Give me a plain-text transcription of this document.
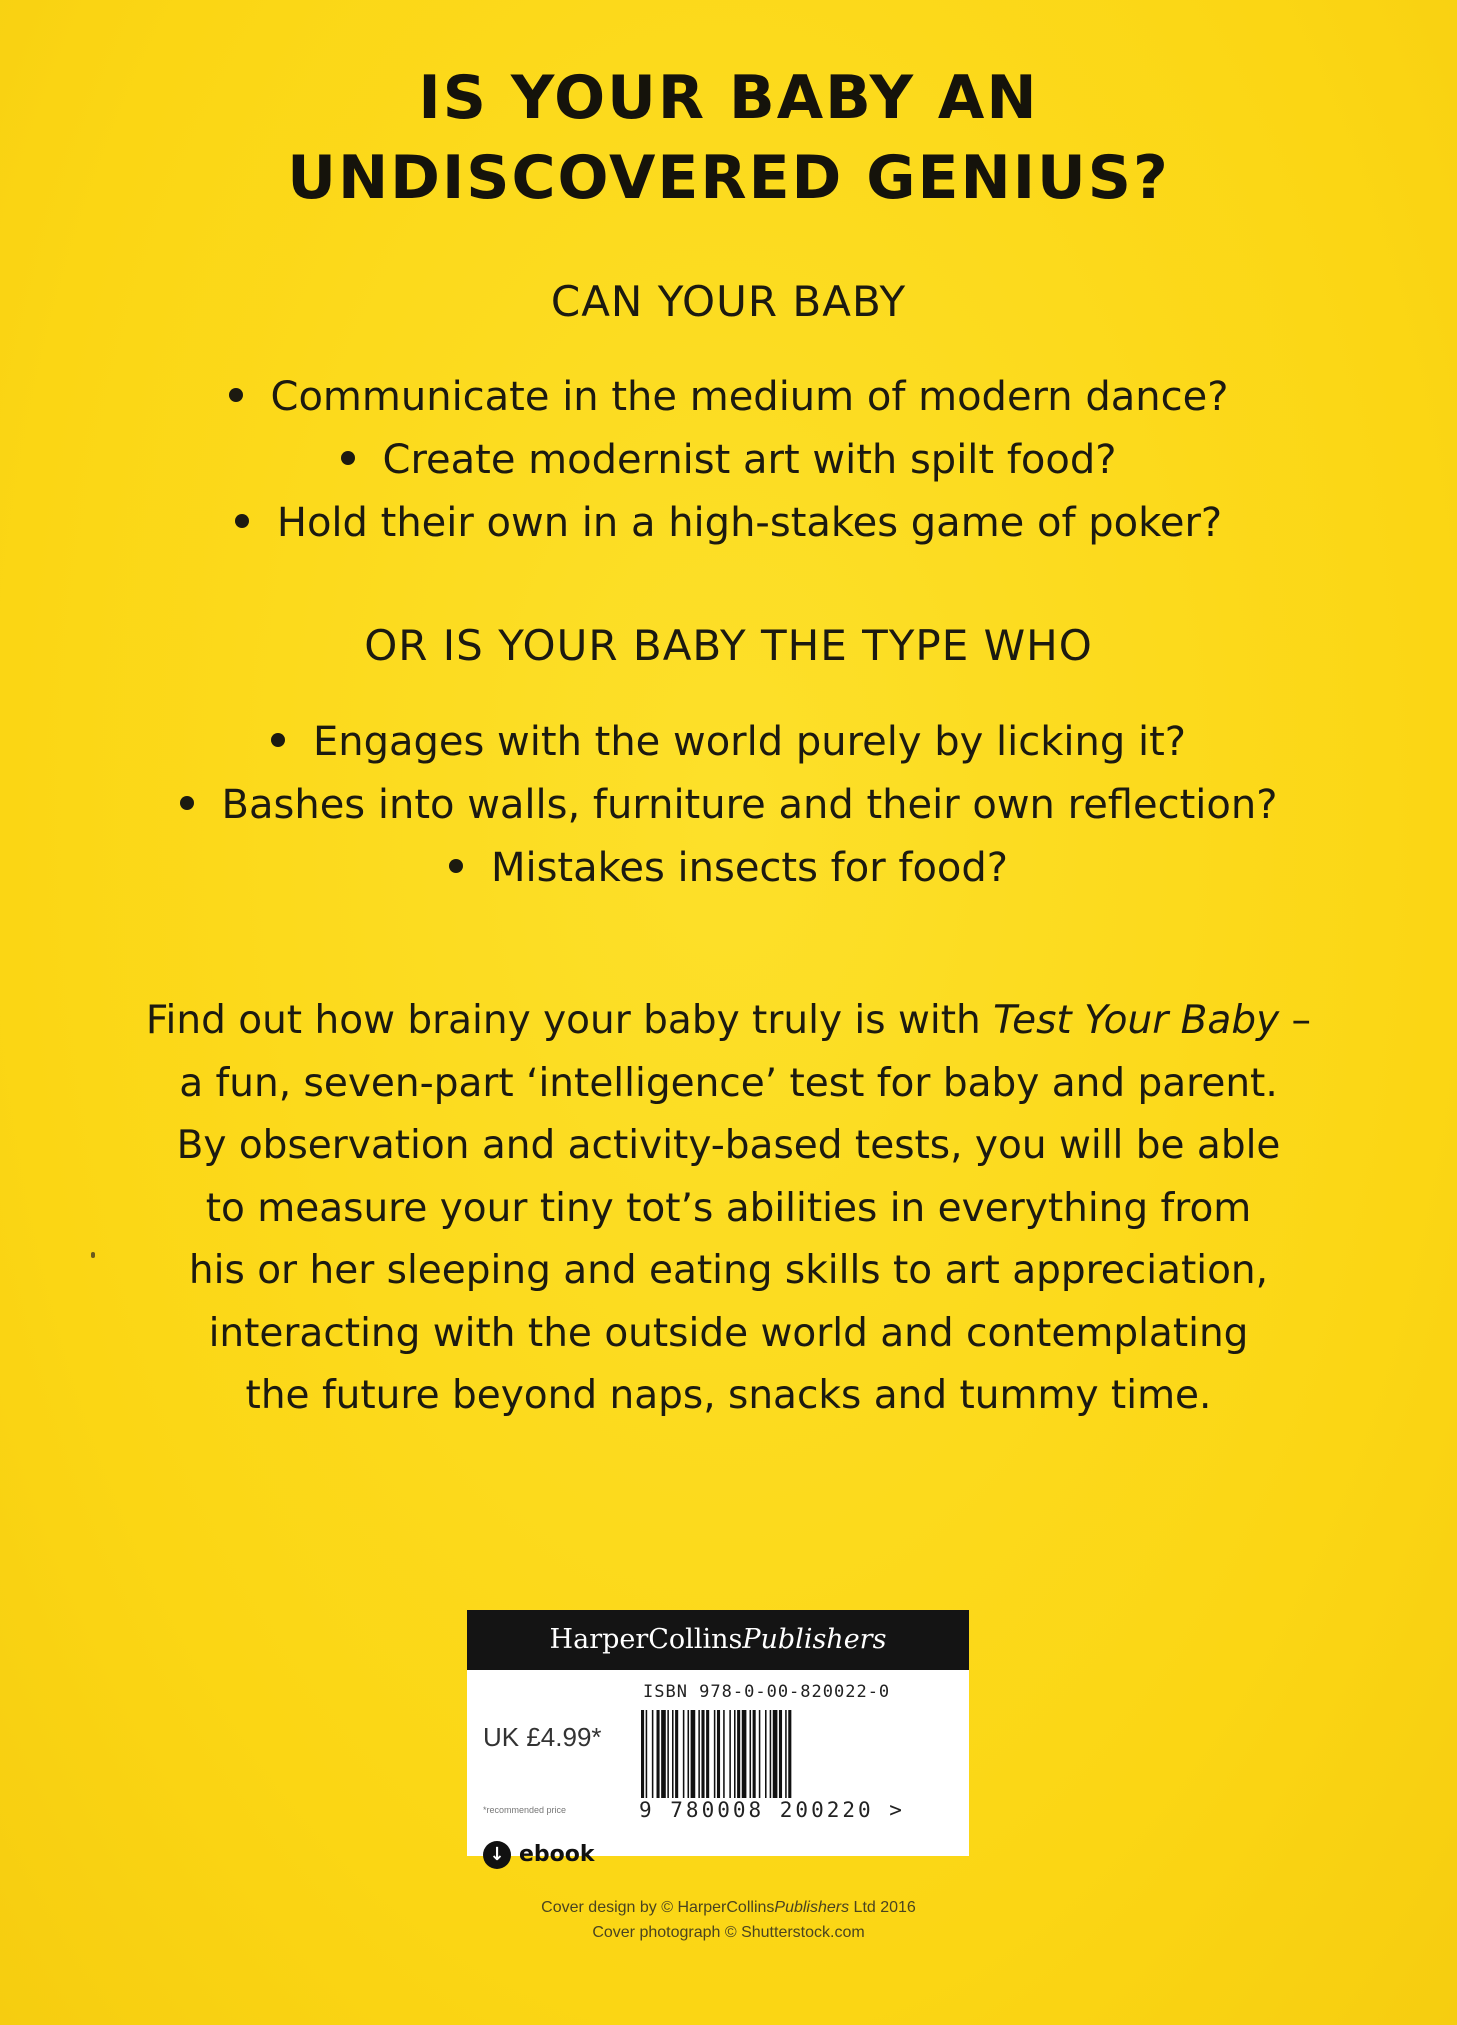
IS YOUR BABY AN
UNDISCOVERED GENIUS?
CAN YOUR BABY
Communicate in the medium of modern dance?
Create modernist art with spilt food?
Hold their own in a high-stakes game of poker?
OR IS YOUR BABY THE TYPE WHO
Engages with the world purely by licking it?
Bashes into walls, furniture and their own reflection?
Mistakes insects for food?
Find out how brainy your baby truly is with Test Your Baby –
a fun, seven-part ‘intelligence’ test for baby and parent.
By observation and activity-based tests, you will be able
to measure your tiny tot’s abilities in everything from
his or her sleeping and eating skills to art appreciation,
interacting with the outside world and contemplating
the future beyond naps, snacks and tummy time.
HarperCollinsPublishers
ISBN 978-0-00-820022-0
UK £4.99*
*recommended price	9 780008 200220 >
↓ ebook
Cover design by © HarperCollinsPublishers Ltd 2016
Cover photograph © Shutterstock.com
